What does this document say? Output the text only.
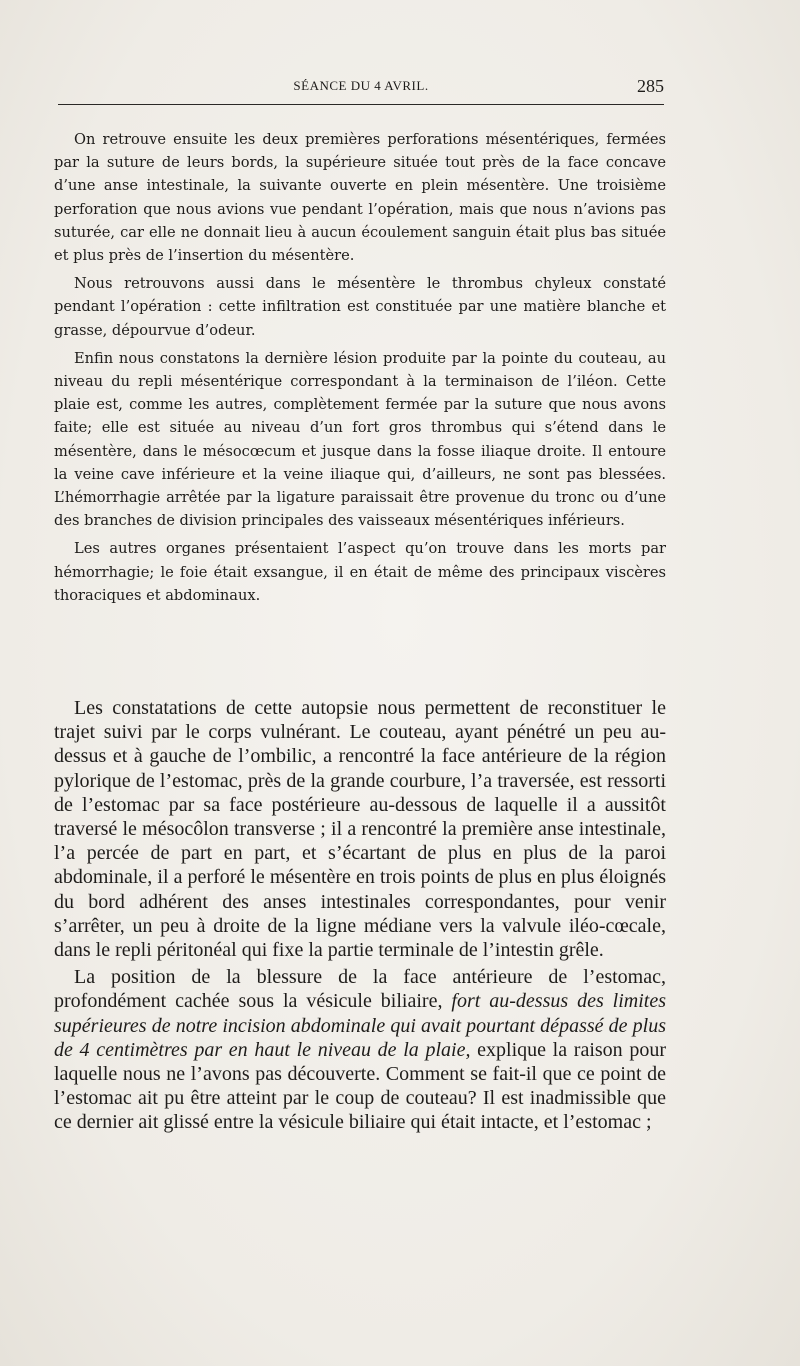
SÉANCE DU 4 AVRIL.	285

On retrouve ensuite les deux premières perforations mésentériques, fermées par la suture de leurs bords, la supérieure située tout près de la face concave d’une anse intestinale, la suivante ouverte en plein mésentère. Une troisième perforation que nous avions vue pendant l’opération, mais que nous n’avions pas suturée, car elle ne donnait lieu à aucun écoulement sanguin était plus bas située et plus près de l’insertion du mésentère.

Nous retrouvons aussi dans le mésentère le thrombus chyleux constaté pendant l’opération : cette infiltration est constituée par une matière blanche et grasse, dépourvue d’odeur.

Enfin nous constatons la dernière lésion produite par la pointe du couteau, au niveau du repli mésentérique correspondant à la terminaison de l’iléon. Cette plaie est, comme les autres, complètement fermée par la suture que nous avons faite; elle est située au niveau d’un fort gros thrombus qui s’étend dans le mésentère, dans le mésocœcum et jusque dans la fosse iliaque droite. Il entoure la veine cave inférieure et la veine iliaque qui, d’ailleurs, ne sont pas blessées. L’hémorrhagie arrêtée par la ligature paraissait être provenue du tronc ou d’une des branches de division principales des vaisseaux mésentériques inférieurs.

Les autres organes présentaient l’aspect qu’on trouve dans les morts par hémorrhagie; le foie était exsangue, il en était de même des principaux viscères thoraciques et abdominaux.

Les constatations de cette autopsie nous permettent de reconstituer le trajet suivi par le corps vulnérant. Le couteau, ayant pénétré un peu au-dessus et à gauche de l’ombilic, a rencontré la face antérieure de la région pylorique de l’estomac, près de la grande courbure, l’a traversée, est ressorti de l’estomac par sa face postérieure au-dessous de laquelle il a aussitôt traversé le mésocôlon transverse ; il a rencontré la première anse intestinale, l’a percée de part en part, et s’écartant de plus en plus de la paroi abdominale, il a perforé le mésentère en trois points de plus en plus éloignés du bord adhérent des anses intestinales correspondantes, pour venir s’arrêter, un peu à droite de la ligne médiane vers la valvule iléo-cœcale, dans le repli péritonéal qui fixe la partie terminale de l’intestin grêle.

La position de la blessure de la face antérieure de l’estomac, profondément cachée sous la vésicule biliaire, fort au-dessus des limites supérieures de notre incision abdominale qui avait pourtant dépassé de plus de 4 centimètres par en haut le niveau de la plaie, explique la raison pour laquelle nous ne l’avons pas découverte. Comment se fait-il que ce point de l’estomac ait pu être atteint par le coup de couteau? Il est inadmissible que ce dernier ait glissé entre la vésicule biliaire qui était intacte, et l’estomac ;
